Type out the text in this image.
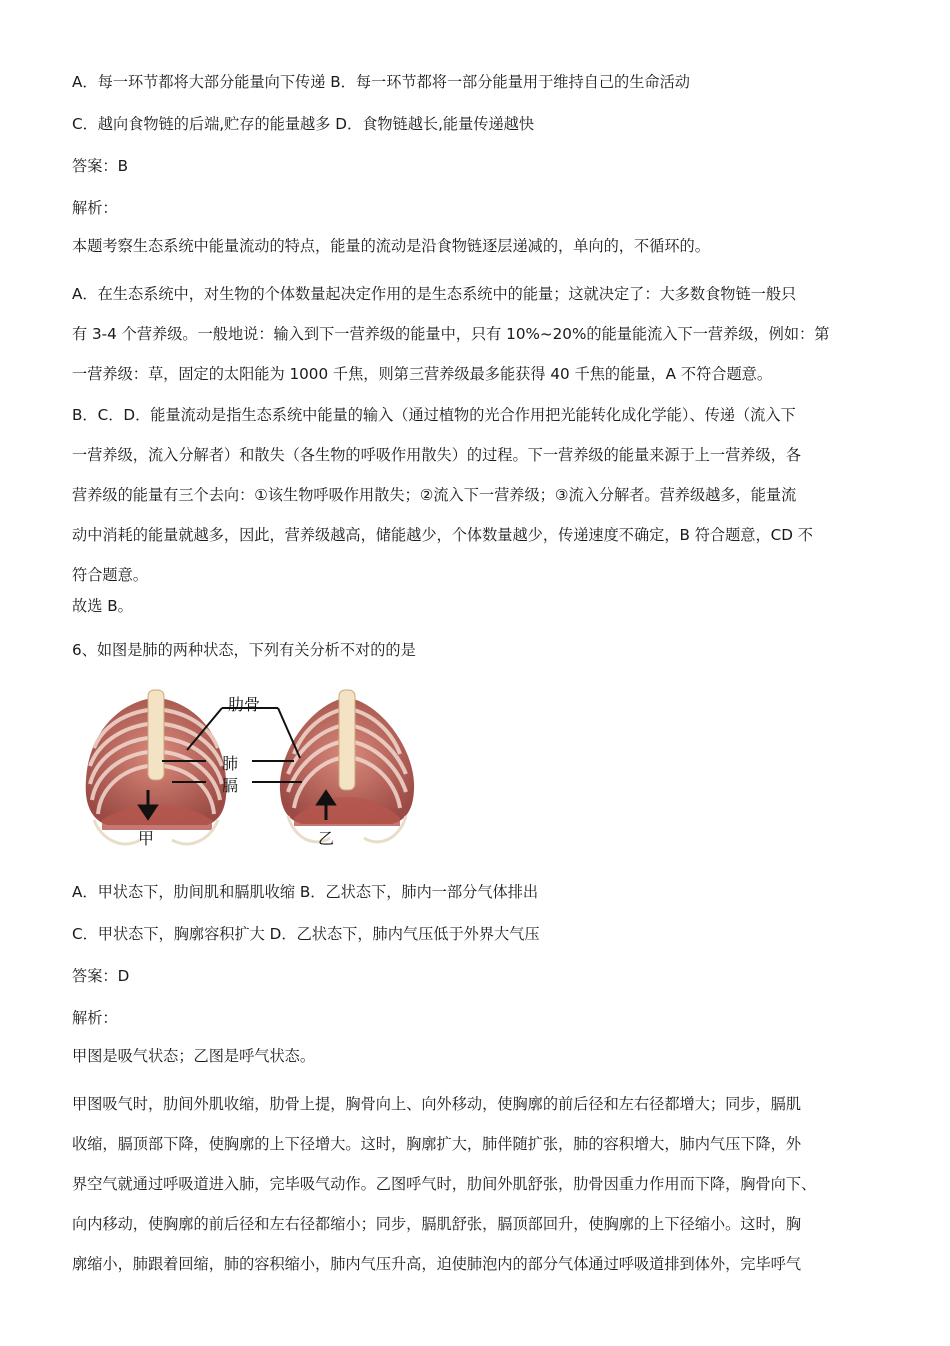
A．每一环节都将大部分能量向下传递 B．每一环节都将一部分能量用于维持自己的生命活动

C．越向食物链的后端,贮存的能量越多 D．食物链越长,能量传递越快

答案：B

解析：

本题考察生态系统中能量流动的特点，能量的流动是沿食物链逐层递减的，单向的，不循环的。

A．在生态系统中，对生物的个体数量起决定作用的是生态系统中的能量；这就决定了：大多数食物链一般只
有 3-4 个营养级。一般地说：输入到下一营养级的能量中，只有 10%~20%的能量能流入下一营养级，例如：第
一营养级：草，固定的太阳能为 1000 千焦，则第三营养级最多能获得 40 千焦的能量，A 不符合题意。
B．C．D．能量流动是指生态系统中能量的输入（通过植物的光合作用把光能转化成化学能）、传递（流入下
一营养级，流入分解者）和散失（各生物的呼吸作用散失）的过程。下一营养级的能量来源于上一营养级，各
营养级的能量有三个去向：①该生物呼吸作用散失；②流入下一营养级；③流入分解者。营养级越多，能量流
动中消耗的能量就越多，因此，营养级越高，储能越少，个体数量越少，传递速度不确定，B 符合题意，CD 不
符合题意。

故选 B。

6、如图是肺的两种状态，下列有关分析不对的的是

肋骨
肺
膈
甲	乙

A．甲状态下，肋间肌和膈肌收缩 B．乙状态下，肺内一部分气体排出

C．甲状态下，胸廓容积扩大 D．乙状态下，肺内气压低于外界大气压

答案：D

解析：

甲图是吸气状态；乙图是呼气状态。

甲图吸气时，肋间外肌收缩，肋骨上提，胸骨向上、向外移动，使胸廓的前后径和左右径都增大；同步，膈肌
收缩，膈顶部下降，使胸廓的上下径增大。这时，胸廓扩大，肺伴随扩张，肺的容积增大，肺内气压下降，外
界空气就通过呼吸道进入肺，完毕吸气动作。乙图呼气时，肋间外肌舒张，肋骨因重力作用而下降，胸骨向下、
向内移动，使胸廓的前后径和左右径都缩小；同步，膈肌舒张，膈顶部回升，使胸廓的上下径缩小。这时，胸
廓缩小，肺跟着回缩，肺的容积缩小，肺内气压升高，迫使肺泡内的部分气体通过呼吸道排到体外，完毕呼气
